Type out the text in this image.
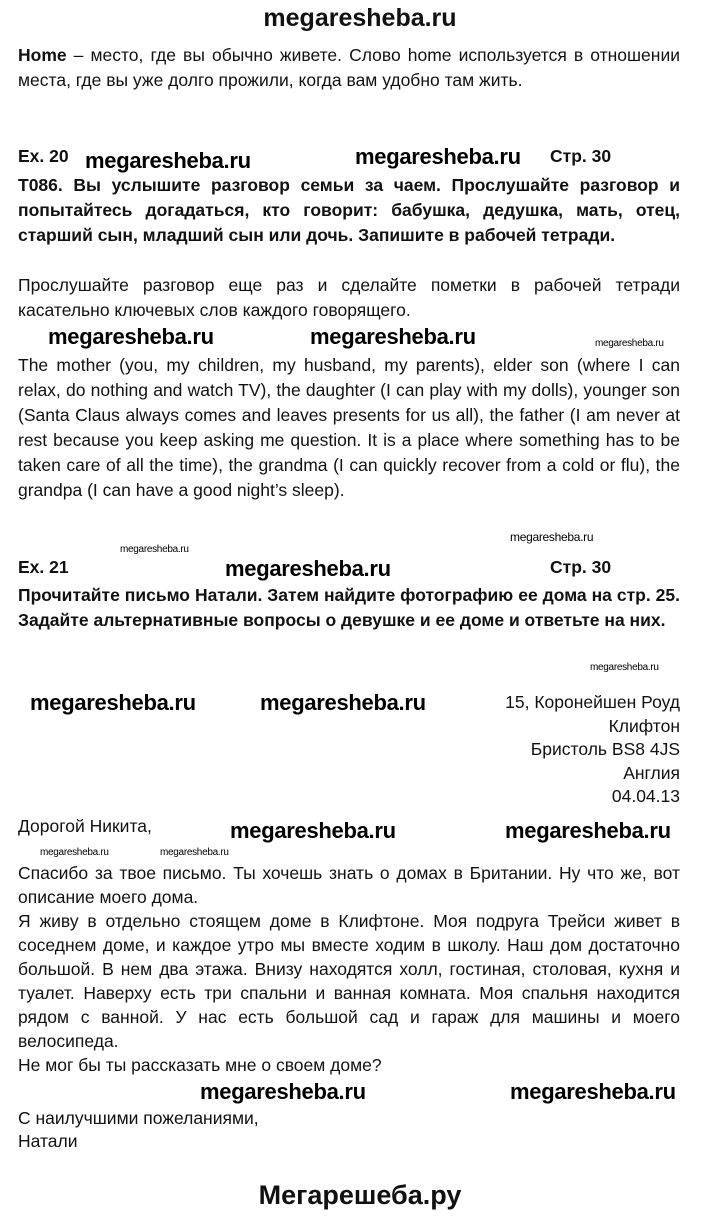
megaresheba.ru

Home – место, где вы обычно живете. Слово home используется в отношении места, где вы уже долго прожили, когда вам удобно там жить.

Ex. 20	Стр. 30
megaresheba.ru	megaresheba.ru
T086. Вы услышите разговор семьи за чаем. Прослушайте разговор и попытайтесь догадаться, кто говорит: бабушка, дедушка, мать, отец, старший сын, младший сын или дочь. Запишите в рабочей тетради.
Прослушайте разговор еще раз и сделайте пометки в рабочей тетради касательно ключевых слов каждого говорящего.
megaresheba.ru	megaresheba.ru	megaresheba.ru
The mother (you, my children, my husband, my parents), elder son (where I can relax, do nothing and watch TV), the daughter (I can play with my dolls), younger son (Santa Claus always comes and leaves presents for us all), the father (I am never at rest because you keep asking me question. It is a place where something has to be taken care of all the time), the grandma (I can quickly recover from a cold or flu), the grandpa (I can have a good night’s sleep).
megaresheba.ru
megaresheba.ru
Ex. 21	megaresheba.ru	Стр. 30
Прочитайте письмо Натали. Затем найдите фотографию ее дома на стр. 25. Задайте альтернативные вопросы о девушке и ее доме и ответьте на них.
megaresheba.ru
megaresheba.ru	megaresheba.ru	15, Коронейшен Роуд
Клифтон
Бристоль BS8 4JS
Англия
04.04.13
Дорогой Никита,	megaresheba.ru	megaresheba.ru
megaresheba.ru	megaresheba.ru

Спасибо за твое письмо. Ты хочешь знать о домах в Британии. Ну что же, вот описание моего дома.

Я живу в отдельно стоящем доме в Клифтоне. Моя подруга Трейси живет в соседнем доме, и каждое утро мы вместе ходим в школу. Наш дом достаточно большой. В нем два этажа. Внизу находятся холл, гостиная, столовая, кухня и туалет. Наверху есть три спальни и ванная комната. Моя спальня находится рядом с ванной. У нас есть большой сад и гараж для машины и моего велосипеда.

Не мог бы ты рассказать мне о своем доме?

megaresheba.ru	megaresheba.ru
С наилучшими пожеланиями,
Натали
Мегарешеба.ру
